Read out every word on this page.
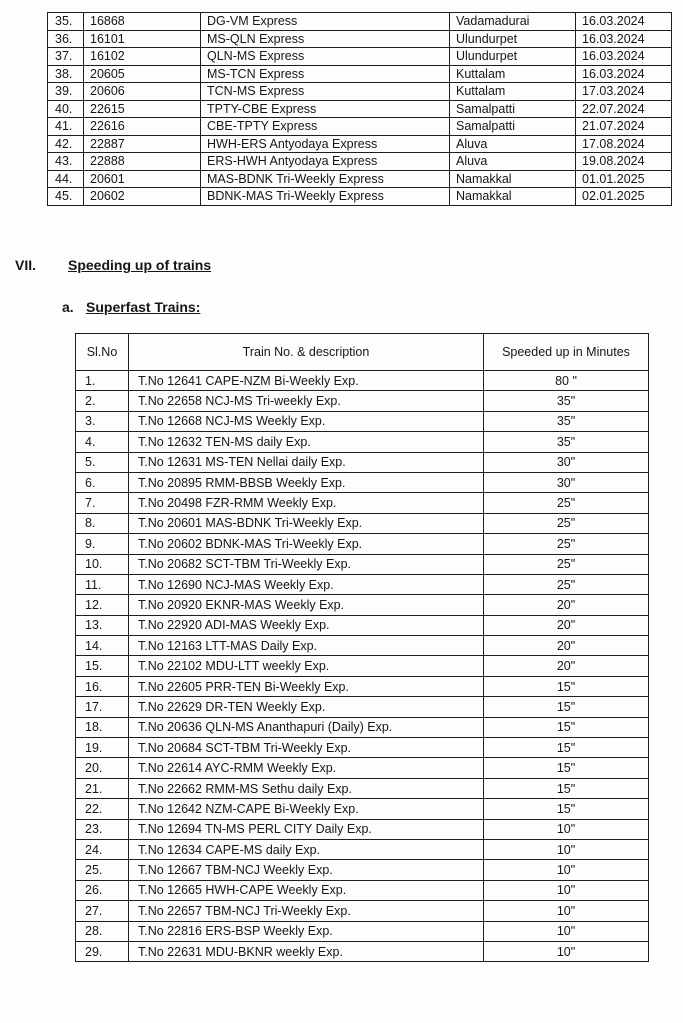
35.	16868	DG-VM Express	Vadamadurai	16.03.2024
36.	16101	MS-QLN Express	Ulundurpet	16.03.2024
37.	16102	QLN-MS Express	Ulundurpet	16.03.2024
38.	20605	MS-TCN Express	Kuttalam	16.03.2024
39.	20606	TCN-MS Express	Kuttalam	17.03.2024
40.	22615	TPTY-CBE Express	Samalpatti	22.07.2024
41.	22616	CBE-TPTY Express	Samalpatti	21.07.2024
42.	22887	HWH-ERS Antyodaya Express	Aluva	17.08.2024
43.	22888	ERS-HWH Antyodaya Express	Aluva	19.08.2024
44.	20601	MAS-BDNK Tri-Weekly Express	Namakkal	01.01.2025
45.	20602	BDNK-MAS Tri-Weekly Express	Namakkal	02.01.2025
VII. Speeding up of trains
a. Superfast Trains:
Sl.No	Train No. & description	Speeded up in Minutes
1.	T.No 12641 CAPE-NZM Bi-Weekly Exp.	80 "
2.	T.No 22658 NCJ-MS Tri-weekly Exp.	35"
3.	T.No 12668 NCJ-MS Weekly Exp.	35"
4.	T.No 12632 TEN-MS daily Exp.	35"
5.	T.No 12631 MS-TEN Nellai daily Exp.	30"
6.	T.No 20895 RMM-BBSB Weekly Exp.	30"
7.	T.No 20498 FZR-RMM Weekly Exp.	25"
8.	T.No 20601 MAS-BDNK Tri-Weekly Exp.	25"
9.	T.No 20602 BDNK-MAS Tri-Weekly Exp.	25"
10.	T.No 20682 SCT-TBM Tri-Weekly Exp.	25"
11.	T.No 12690 NCJ-MAS Weekly Exp.	25"
12.	T.No 20920 EKNR-MAS Weekly Exp.	20"
13.	T.No 22920 ADI-MAS Weekly Exp.	20"
14.	T.No 12163 LTT-MAS Daily Exp.	20"
15.	T.No 22102 MDU-LTT weekly Exp.	20"
16.	T.No 22605 PRR-TEN Bi-Weekly Exp.	15"
17.	T.No 22629 DR-TEN Weekly Exp.	15"
18.	T.No 20636 QLN-MS Ananthapuri (Daily) Exp.	15"
19.	T.No 20684 SCT-TBM Tri-Weekly Exp.	15"
20.	T.No 22614 AYC-RMM Weekly Exp.	15"
21.	T.No 22662 RMM-MS Sethu daily Exp.	15"
22.	T.No 12642 NZM-CAPE Bi-Weekly Exp.	15"
23.	T.No 12694 TN-MS PERL CITY Daily Exp.	10"
24.	T.No 12634 CAPE-MS daily Exp.	10"
25.	T.No 12667 TBM-NCJ Weekly Exp.	10"
26.	T.No 12665 HWH-CAPE Weekly Exp.	10"
27.	T.No 22657 TBM-NCJ Tri-Weekly Exp.	10"
28.	T.No 22816 ERS-BSP Weekly Exp.	10"
29.	T.No 22631 MDU-BKNR weekly Exp.	10"
